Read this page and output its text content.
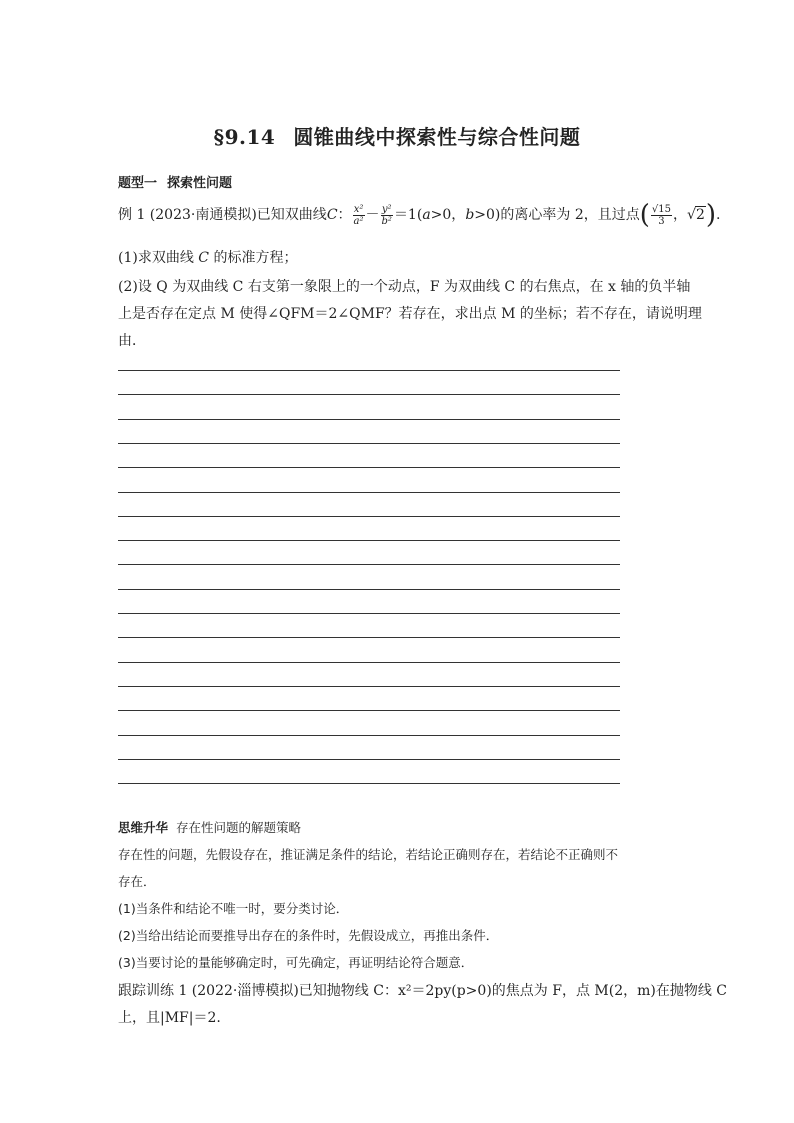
§9.14 圆锥曲线中探索性与综合性问题
题型一 探索性问题
例 1 (2023·南通模拟)已知双曲线C： $\frac{\text{x²}}{\text{a²}} - \frac{\text{y²}}{\text{b²}} =1(a>0$，b>0)的离心率为 2，且过点( $\frac{√15}{3}$ ，√2).
(1)求双曲线 C 的标准方程；
(2)设 Q 为双曲线 C 右支第一象限上的一个动点，F 为双曲线 C 的右焦点，在 x 轴的负半轴
上是否存在定点 M 使得∠QFM＝2∠QMF？若存在，求出点 M 的坐标；若不存在，请说明理
由．
思维升华 存在性问题的解题策略
存在性的问题，先假设存在，推证满足条件的结论，若结论正确则存在，若结论不正确则不
存在．
(1)当条件和结论不唯一时，要分类讨论．
(2)当给出结论而要推导出存在的条件时，先假设成立，再推出条件．
(3)当要讨论的量能够确定时，可先确定，再证明结论符合题意．
跟踪训练 1 (2022·淄博模拟)已知抛物线 C：x²＝2py(p>0)的焦点为 F，点 M(2，m)在抛物线 C
上，且|MF|＝2.
